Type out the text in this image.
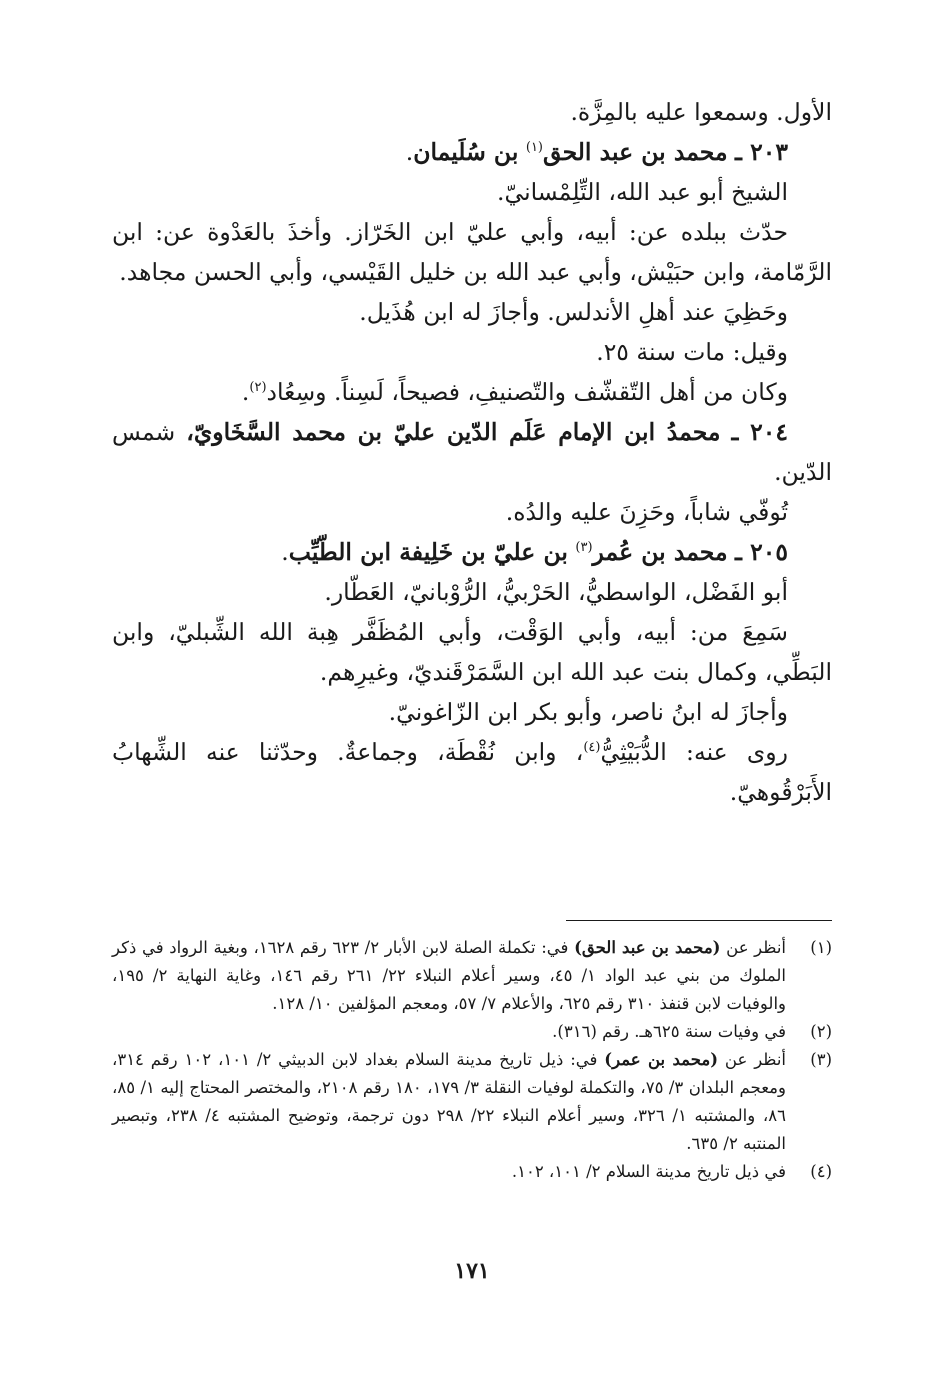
الأول. وسمعوا عليه بالمِزَّة.

٢٠٣ ـ محمد بن عبد الحق$^{(١)}$ بن سُلَيمان.

الشيخ أبو عبد الله، التِّلِمْسانيّ.

حدّث ببلده عن: أبيه، وأبي عليّ ابن الخَرّاز. وأخذَ بالعَدْوة عن: ابن الرَّمّامة، وابن حبَيْش، وأبي عبد الله بن خليل القَيْسي، وأبي الحسن مجاهد.

وحَظِيَ عند أهلِ الأندلس. وأجازَ له ابن هُذَيل.

وقيل: مات سنة ٢٥.

وكان من أهل التّقشّف والتّصنيفِ، فصيحاً، لَسِناً. وسِعُاد$^{(٢)}$.

٢٠٤ ـ محمدُ ابن الإمام عَلَم الدّين عليّ بن محمد السَّخَاويّ، شمس الدّين.

تُوفّي شاباً، وحَزِنَ عليه والدُه.

٢٠٥ ـ محمد بن عُمر$^{(٣)}$ بن عليّ بن خَلِيفة ابن الطّيِّب.

أبو الفَضْل، الواسطيُّ، الحَرْبيُّ، الرُّوْبانيّ، العَطّار.

سَمِعَ من: أبيه، وأبي الوَقْت، وأبي المُظَفَّر هِبة الله الشِّبليّ، وابن البَطِّي، وكمال بنت عبد الله ابن السَّمَرْقَنديّ، وغيرِهم.

وأجازَ له ابنُ ناصر، وأبو بكر ابن الزّاغونيّ.

روى عنه: الدُّبَيْثِيُّ$^{(٤)}$، وابن نُقْطَة، وجماعةٌ. وحدّثنا عنه الشِّهابُ الأَبَرْقُوهيّ.

(١)
أنظر عن (محمد بن عبد الحق) في: تكملة الصلة لابن الأبار ٢/ ٦٢٣ رقم ١٦٢٨، وبغية الرواد في ذكر الملوك من بني عبد الواد ١/ ٤٥، وسير أعلام النبلاء ٢٢/ ٢٦١ رقم ١٤٦، وغاية النهاية ٢/ ١٩٥، والوفيات لابن قنفذ ٣١٠ رقم ٦٢٥، والأعلام ٧/ ٥٧، ومعجم المؤلفين ١٠/ ١٢٨.
(٢)
في وفيات سنة ٦٢٥هـ. رقم (٣١٦).
(٣)
أنظر عن (محمد بن عمر) في: ذيل تاريخ مدينة السلام بغداد لابن الدبيثي ٢/ ١٠١، ١٠٢ رقم ٣١٤، ومعجم البلدان ٣/ ٧٥، والتكملة لوفيات النقلة ٣/ ١٧٩، ١٨٠ رقم ٢١٠٨، والمختصر المحتاج إليه ١/ ٨٥، ٨٦، والمشتبه ١/ ٣٢٦، وسير أعلام النبلاء ٢٢/ ٢٩٨ دون ترجمة، وتوضيح المشتبه ٤/ ٢٣٨، وتبصير المنتبه ٢/ ٦٣٥.
(٤)
في ذيل تاريخ مدينة السلام ٢/ ١٠١، ١٠٢.
١٧١
